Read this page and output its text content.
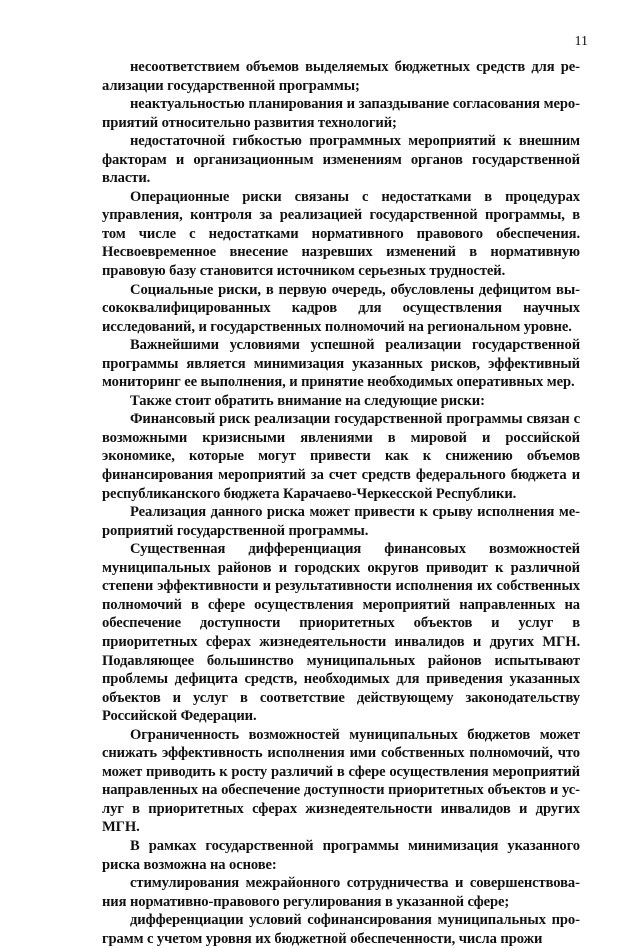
11

несоответствием объемов выделяемых бюджетных средств для реализации государственной программы;

неактуальностью планирования и запаздывание согласования мероприятий относительно развития технологий;

недостаточной гибкостью программных мероприятий к внешним факторам и организационным изменениям органов государственной власти.

Операционные риски связаны с недостатками в процедурах управления, контроля за реализацией государственной программы, в том числе с недостатками нормативного правового обеспечения. Несвоевременное внесение назревших изменений в нормативную правовую базу становится источником серьезных трудностей.

Социальные риски, в первую очередь, обусловлены дефицитом высококвалифицированных кадров для осуществления научных исследований, и государственных полномочий на региональном уровне.

Важнейшими условиями успешной реализации государственной программы является минимизация указанных рисков, эффективный мониторинг ее выполнения, и принятие необходимых оперативных мер.

Также стоит обратить внимание на следующие риски:

Финансовый риск реализации государственной программы связан с возможными кризисными явлениями в мировой и российской экономике, которые могут привести как к снижению объемов финансирования мероприятий за счет средств федерального бюджета и республиканского бюджета Карачаево-Черкесской Республики.

Реализация данного риска может привести к срыву исполнения мероприятий государственной программы.

Существенная дифференциация финансовых возможностей муниципальных районов и городских округов приводит к различной степени эффективности и результативности исполнения их собственных полномочий в сфере осуществления мероприятий направленных на обеспечение доступности приоритетных объектов и услуг в приоритетных сферах жизнедеятельности инвалидов и других МГН. Подавляющее большинство муниципальных районов испытывают проблемы дефицита средств, необходимых для приведения указанных объектов и услуг в соответствие действующему законодательству Российской Федерации.

Ограниченность возможностей муниципальных бюджетов может снижать эффективность исполнения ими собственных полномочий, что может приводить к росту различий в сфере осуществления мероприятий направленных на обеспечение доступности приоритетных объектов и услуг в приоритетных сферах жизнедеятельности инвалидов и других МГН.

В рамках государственной программы минимизация указанного риска возможна на основе:

стимулирования межрайонного сотрудничества и совершенствования нормативно-правового регулирования в указанной сфере;

дифференциации условий софинансирования муниципальных программ с учетом уровня их бюджетной обеспеченности, числа прожи
